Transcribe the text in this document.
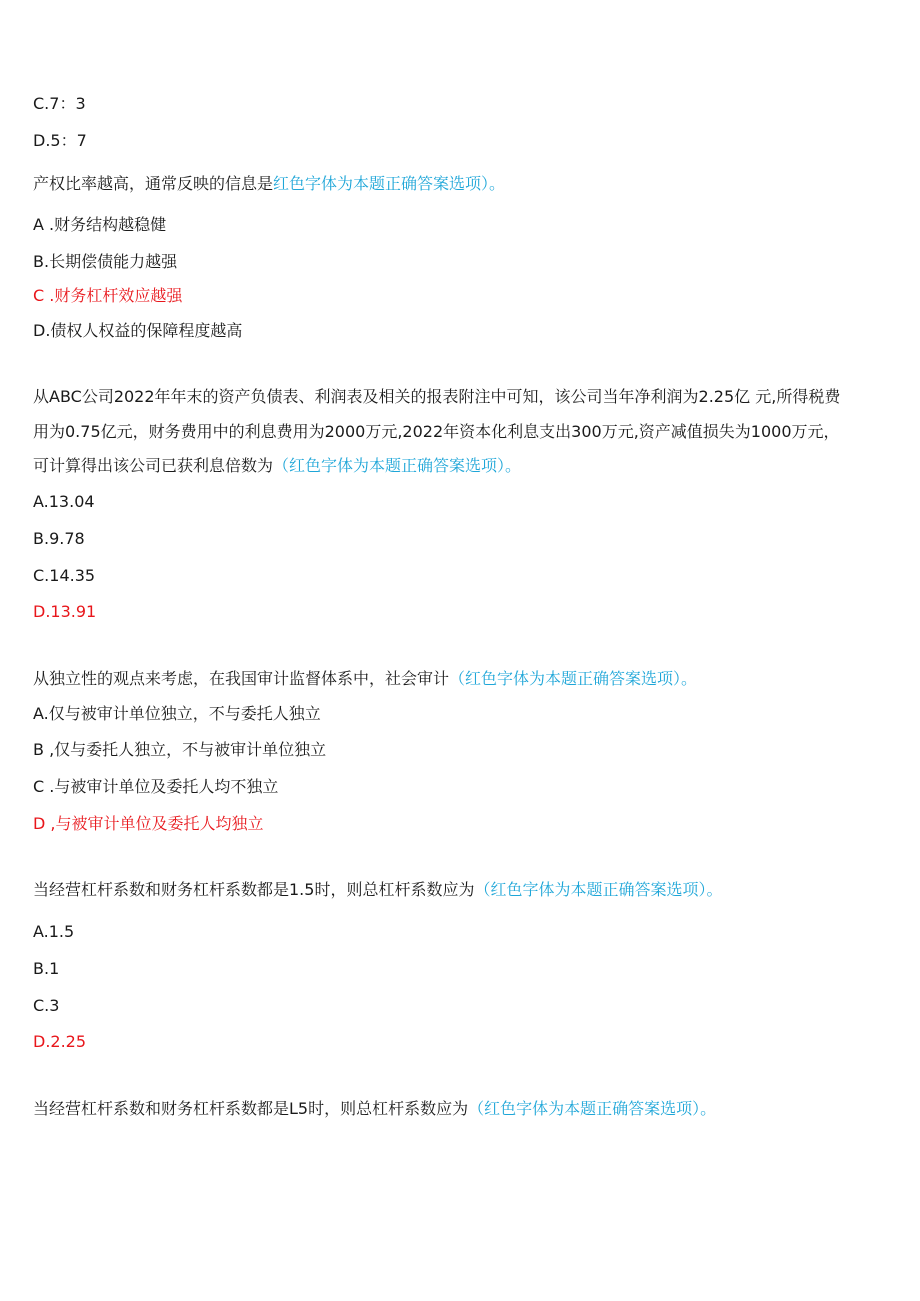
C.7：3
D.5：7
产权比率越高，通常反映的信息是红色字体为本题正确答案选项）。
A .财务结构越稳健
B.长期偿债能力越强
C .财务杠杆效应越强
D.债权人权益的保障程度越高
从ABC公司2022年年末的资产负债表、利润表及相关的报表附注中可知，该公司当年净利润为2.25亿 元,所得税费
用为0.75亿元，财务费用中的利息费用为2000万元,2022年资本化利息支出300万元,资产减值损失为1000万元，
可计算得出该公司已获利息倍数为（红色字体为本题正确答案选项）。
A.13.04
B.9.78
C.14.35
D.13.91
从独立性的观点来考虑，在我国审计监督体系中，社会审计（红色字体为本题正确答案选项）。
A.仅与被审计单位独立，不与委托人独立
B ,仅与委托人独立，不与被审计单位独立
C .与被审计单位及委托人均不独立
D ,与被审计单位及委托人均独立
当经营杠杆系数和财务杠杆系数都是1.5时，则总杠杆系数应为（红色字体为本题正确答案选项）。
A.1.5
B.1
C.3
D.2.25
当经营杠杆系数和财务杠杆系数都是L5时，则总杠杆系数应为（红色字体为本题正确答案选项）。
